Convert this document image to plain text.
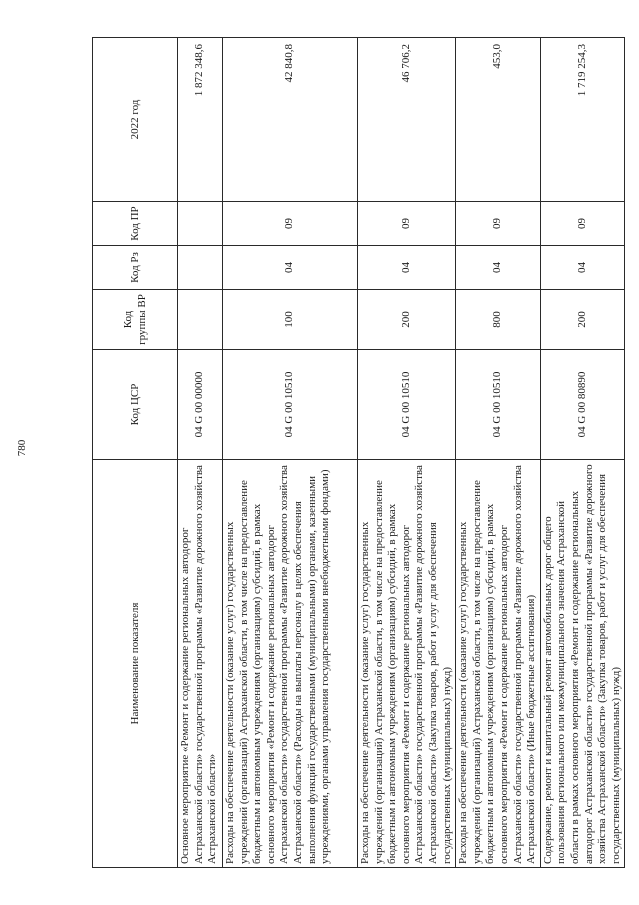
780
Наименование показателя	Код ЦСР	Код группы ВР	Код Рз	Код ПР	2022 год
Основное мероприятие «Ремонт и содержание региональных автодорог Астраханской области» государственной программы «Развитие дорожного хозяйства Астраханской области»	04 G 00 00000				1 872 348,6
Расходы на обеспечение деятельности (оказание услуг) государственных учреждений (организаций) Астраханской области, в том числе на предоставление бюджетным и автономным учреждениям (организациям) субсидий, в рамках основного мероприятия «Ремонт и содержание региональных автодорог Астраханской области» государственной программы «Развитие дорожного хозяйства Астраханской области» (Расходы на выплаты персоналу в целях обеспечения выполнения функций государственными (муниципальными) органами, казенными учреждениями, органами управления государственными внебюджетными фондами)	04 G 00 10510	100	04	09	42 840,8
Расходы на обеспечение деятельности (оказание услуг) государственных учреждений (организаций) Астраханской области, в том числе на предоставление бюджетным и автономным учреждениям (организациям) субсидий, в рамках основного мероприятия «Ремонт и содержание региональных автодорог Астраханской области» государственной программы «Развитие дорожного хозяйства Астраханской области» (Закупка товаров, работ и услуг для обеспечения государственных (муниципальных) нужд)	04 G 00 10510	200	04	09	46 706,2
Расходы на обеспечение деятельности (оказание услуг) государственных учреждений (организаций) Астраханской области, в том числе на предоставление бюджетным и автономным учреждениям (организациям) субсидий, в рамках основного мероприятия «Ремонт и содержание региональных автодорог Астраханской области» государственной программы «Развитие дорожного хозяйства Астраханской области» (Иные бюджетные ассигнования)	04 G 00 10510	800	04	09	453,0
Содержание, ремонт и капитальный ремонт автомобильных дорог общего пользования регионального или межмуниципального значения Астраханской области в рамках основного мероприятия «Ремонт и содержание региональных автодорог Астраханской области» государственной программы «Развитие дорожного хозяйства Астраханской области» (Закупка товаров, работ и услуг для обеспечения государственных (муниципальных) нужд)	04 G 00 80890	200	04	09	1 719 254,3
